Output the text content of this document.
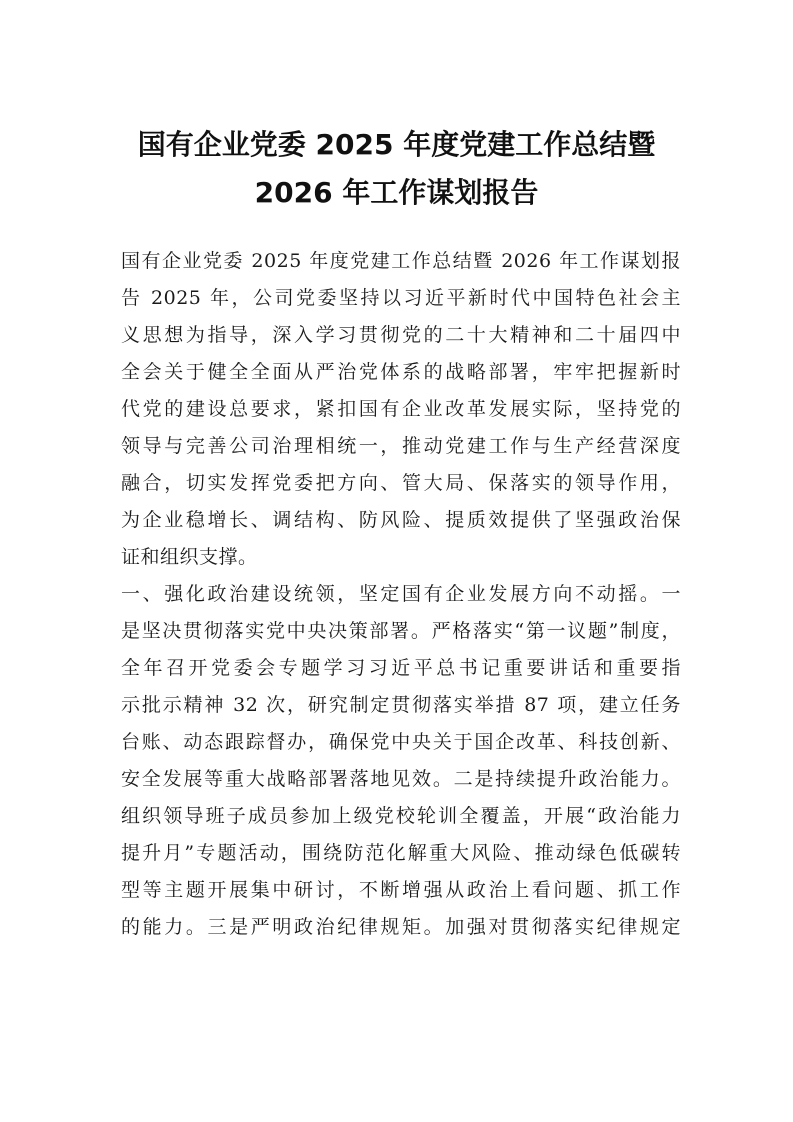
国有企业党委 2025 年度党建工作总结暨
2026 年工作谋划报告
国有企业党委 2025 年度党建工作总结暨 2026 年工作谋划报
告 2025 年，公司党委坚持以习近平新时代中国特色社会主
义思想为指导，深入学习贯彻党的二十大精神和二十届四中
全会关于健全全面从严治党体系的战略部署，牢牢把握新时
代党的建设总要求，紧扣国有企业改革发展实际，坚持党的
领导与完善公司治理相统一，推动党建工作与生产经营深度
融合，切实发挥党委把方向、管大局、保落实的领导作用，
为企业稳增长、调结构、防风险、提质效提供了坚强政治保
证和组织支撑。
一、强化政治建设统领，坚定国有企业发展方向不动摇。一
是坚决贯彻落实党中央决策部署。严格落实“第一议题”制度，
全年召开党委会专题学习习近平总书记重要讲话和重要指
示批示精神 32 次，研究制定贯彻落实举措 87 项，建立任务
台账、动态跟踪督办，确保党中央关于国企改革、科技创新、
安全发展等重大战略部署落地见效。二是持续提升政治能力。
组织领导班子成员参加上级党校轮训全覆盖，开展“政治能力
提升月”专题活动，围绕防范化解重大风险、推动绿色低碳转
型等主题开展集中研讨，不断增强从政治上看问题、抓工作
的能力。三是严明政治纪律规矩。加强对贯彻落实纪律规定
